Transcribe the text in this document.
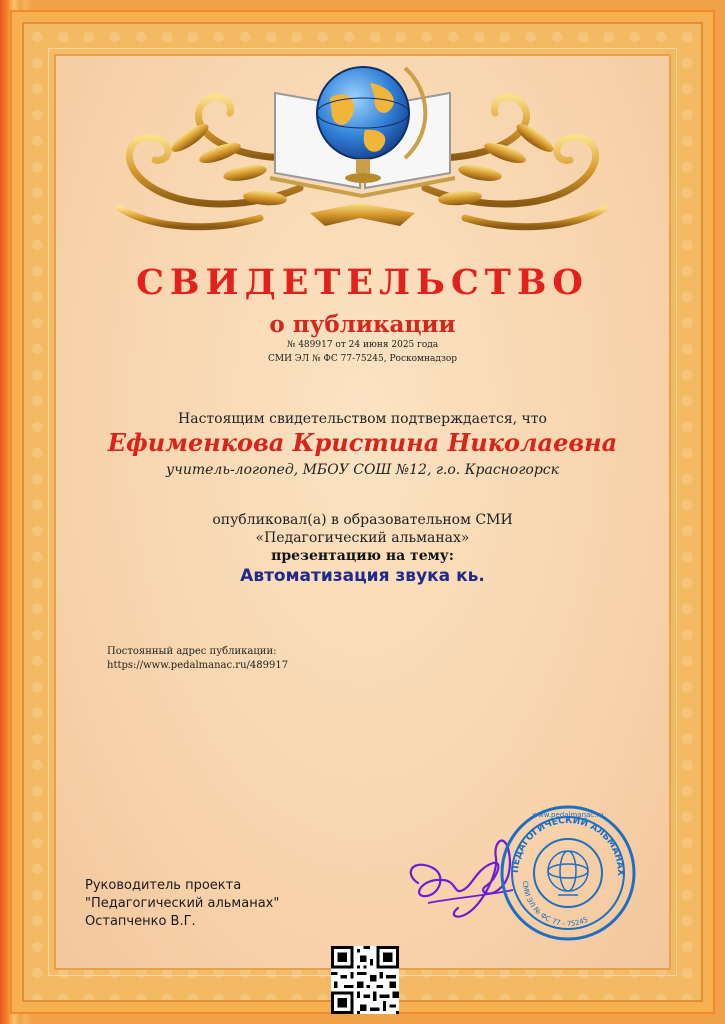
СВИДЕТЕЛЬСТВО
о публикации
№ 489917 от 24 июня 2025 года
СМИ ЭЛ № ФС 77-75245, Роскомнадзор
Настоящим свидетельством подтверждается, что
Ефименкова Кристина Николаевна
учитель-логопед, МБОУ СОШ №12, г.о. Красногорск
опубликовал(а) в образовательном СМИ
«Педагогический альманах»
презентацию на тему:
Автоматизация звука кь.
Постоянный адрес публикации:
https://www.pedalmanac.ru/489917
Руководитель проекта
"Педагогический альманах"
Остапченко В.Г.
ПЕДАГОГИЧЕСКИЙ АЛЬМАНАХ
СМИ ЭЛ № ФС 77 - 75245
www.pedalmanac.ru
